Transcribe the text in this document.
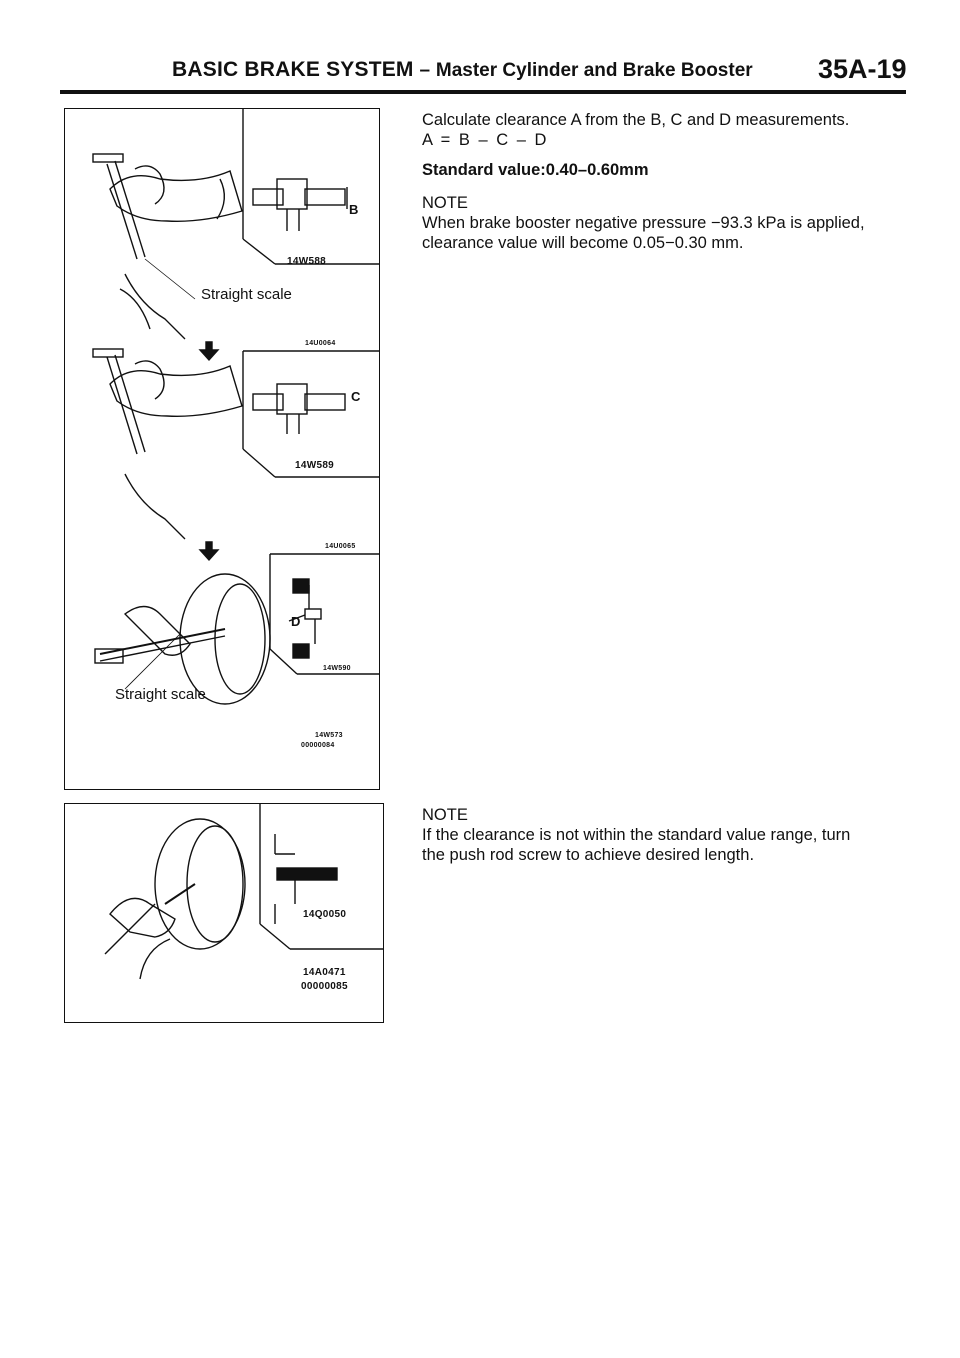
BASIC BRAKE SYSTEM – Master Cylinder and Brake Booster 35A-19
B
14W588
Straight scale
14U0064
C
14W589
14U0065
D
14W590
Straight scale
14W573
00000084
14Q0050
14A0471
00000085
Calculate clearance A from the B, C and D measurements.
A = B – C – D
Standard value:0.40–0.60mm
NOTE
When brake booster negative pressure −93.3 kPa is applied,
clearance value will become 0.05−0.30 mm.
NOTE
If the clearance is not within the standard value range, turn
the push rod screw to achieve desired length.
